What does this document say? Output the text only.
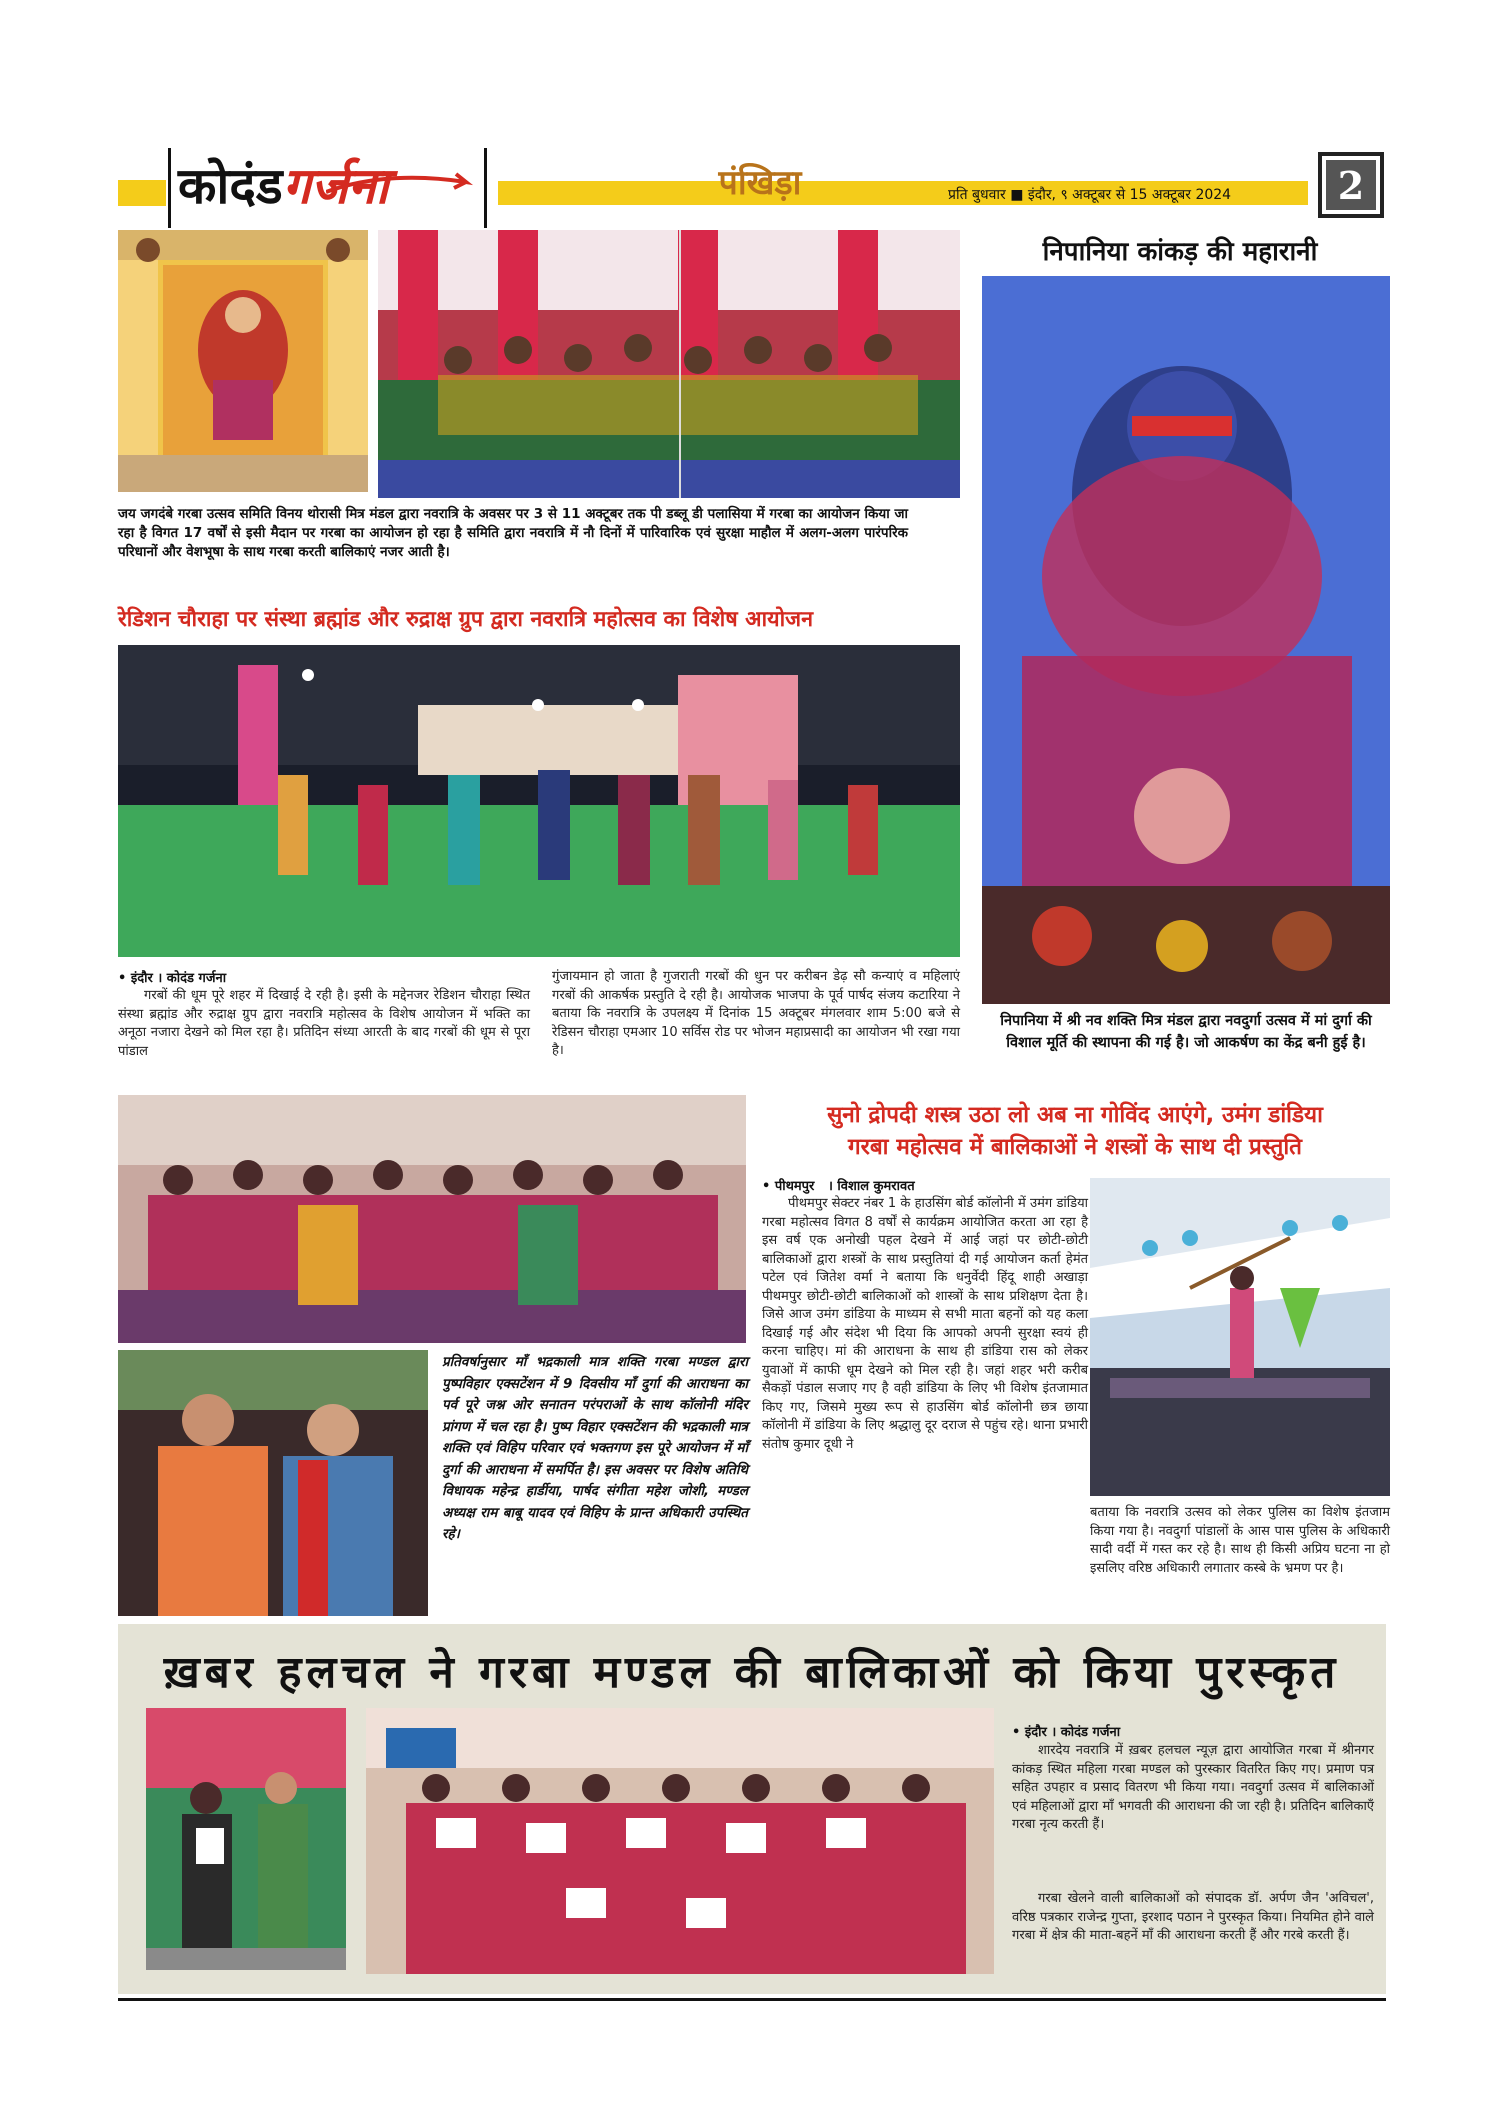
कोदंडगर्जना	पंखिड़ा	प्रति बुधवार ■ इंदौर, ९ अक्टूबर से 15 अक्टूबर 2024	2
जय जगदंबे गरबा उत्सव समिति विनय थोरासी मित्र मंडल द्वारा नवरात्रि के अवसर पर 3 से 11 अक्टूबर तक पी डब्लू डी पलासिया में गरबा का आयोजन किया जा रहा है विगत 17 वर्षों से इसी मैदान पर गरबा का आयोजन हो रहा है समिति द्वारा नवरात्रि में नौ दिनों में पारिवारिक एवं सुरक्षा माहौल में अलग-अलग पारंपरिक परिधानों और वेशभूषा के साथ गरबा करती बालिकाएं नजर आती है।
निपानिया कांकड़ की महारानी
निपानिया में श्री नव शक्ति मित्र मंडल द्वारा नवदुर्गा उत्सव में मां दुर्गा की विशाल मूर्ति की स्थापना की गई है। जो आकर्षण का केंद्र बनी हुई है।
रेडिशन चौराहा पर संस्था ब्रह्मांड और रुद्राक्ष ग्रुप द्वारा नवरात्रि महोत्सव का विशेष आयोजन
• इंदौर । कोदंड गर्जना
गरबों की धूम पूरे शहर में दिखाई दे रही है। इसी के मद्देनजर रेडिशन चौराहा स्थित संस्था ब्रह्मांड और रुद्राक्ष ग्रुप द्वारा नवरात्रि महोत्सव के विशेष आयोजन में भक्ति का अनूठा नजारा देखने को मिल रहा है। प्रतिदिन संध्या आरती के बाद गरबों की धूम से पूरा पांडाल
गुंजायमान हो जाता है गुजराती गरबों की धुन पर करीबन डेढ़ सौ कन्याएं व महिलाएं गरबों की आकर्षक प्रस्तुति दे रही है। आयोजक भाजपा के पूर्व पार्षद संजय कटारिया ने बताया कि नवरात्रि के उपलक्ष्य में दिनांक 15 अक्टूबर मंगलवार शाम 5:00 बजे से रेडिसन चौराहा एमआर 10 सर्विस रोड पर भोजन महाप्रसादी का आयोजन भी रखा गया है।
प्रतिवर्षानुसार माँ भद्रकाली मात्र शक्ति गरबा मण्डल द्वारा पुष्पविहार एक्सटेंशन में 9 दिवसीय माँ दुर्गा की आराधना का पर्व पूरे जश्न ओर सनातन परंपराओं के साथ कॉलोनी मंदिर प्रांगण में चल रहा है। पुष्प विहार एक्सटेंशन की भद्रकाली मात्र शक्ति एवं विहिप परिवार एवं भक्तगण इस पूरे आयोजन में माँ दुर्गा की आराधना में समर्पित है। इस अवसर पर विशेष अतिथि विधायक महेन्द्र हार्डीया, पार्षद संगीता महेश जोशी, मण्डल अध्यक्ष राम बाबू यादव एवं विहिप के प्रान्त अधिकारी उपस्थित रहे।
सुनो द्रोपदी शस्त्र उठा लो अब ना गोविंद आएंगे, उमंग डांडिया
गरबा महोत्सव में बालिकाओं ने शस्त्रों के साथ दी प्रस्तुति
• पीथमपुर   । विशाल कुमरावत
पीथमपुर सेक्टर नंबर 1 के हाउसिंग बोर्ड कॉलोनी में उमंग डांडिया गरबा महोत्सव विगत 8 वर्षों से कार्यक्रम आयोजित करता आ रहा है इस वर्ष एक अनोखी पहल देखने में आई जहां पर छोटी-छोटी बालिकाओं द्वारा शस्त्रों के साथ प्रस्तुतियां दी गई आयोजन कर्ता हेमंत पटेल एवं जितेश वर्मा ने बताया कि धनुर्वेदी हिंदू शाही अखाड़ा पीथमपुर छोटी-छोटी बालिकाओं को शास्त्रों के साथ प्रशिक्षण देता है। जिसे आज उमंग डांडिया के माध्यम से सभी माता बहनों को यह कला दिखाई गई और संदेश भी दिया कि आपको अपनी सुरक्षा स्वयं ही करना चाहिए। मां की आराधना के साथ ही डांडिया रास को लेकर युवाओं में काफी धूम देखने को मिल रही है। जहां शहर भरी करीब सैकड़ों पंडाल सजाए गए है वही डांडिया के लिए भी विशेष इंतजामात किए गए, जिसमे मुख्य रूप से हाउसिंग बोर्ड कॉलोनी छत्र छाया कॉलोनी में डांडिया के लिए श्रद्धालु दूर दराज से पहुंच रहे। थाना प्रभारी संतोष कुमार दूधी ने
बताया कि नवरात्रि उत्सव को लेकर पुलिस का विशेष इंतजाम किया गया है। नवदुर्गा पांडालों के आस पास पुलिस के अधिकारी सादी वर्दी में गस्त कर रहे है। साथ ही किसी अप्रिय घटना ना हो इसलिए वरिष्ठ अधिकारी लगातार कस्बे के भ्रमण पर है।
ख़बर हलचल ने गरबा मण्डल की बालिकाओं को किया पुरस्कृत
• इंदौर । कोदंड गर्जना
शारदेय नवरात्रि में ख़बर हलचल न्यूज़ द्वारा आयोजित गरबा में श्रीनगर कांकड़ स्थित महिला गरबा मण्डल को पुरस्कार वितरित किए गए। प्रमाण पत्र सहित उपहार व प्रसाद वितरण भी किया गया। नवदुर्गा उत्सव में बालिकाओं एवं महिलाओं द्वारा माँ भगवती की आराधना की जा रही है। प्रतिदिन बालिकाएँ गरबा नृत्य करती हैं।
गरबा खेलने वाली बालिकाओं को संपादक डॉ. अर्पण जैन 'अविचल', वरिष्ठ पत्रकार राजेन्द्र गुप्ता, इरशाद पठान ने पुरस्कृत किया। नियमित होने वाले गरबा में क्षेत्र की माता-बहनें माँ की आराधना करती हैं और गरबे करती हैं।
